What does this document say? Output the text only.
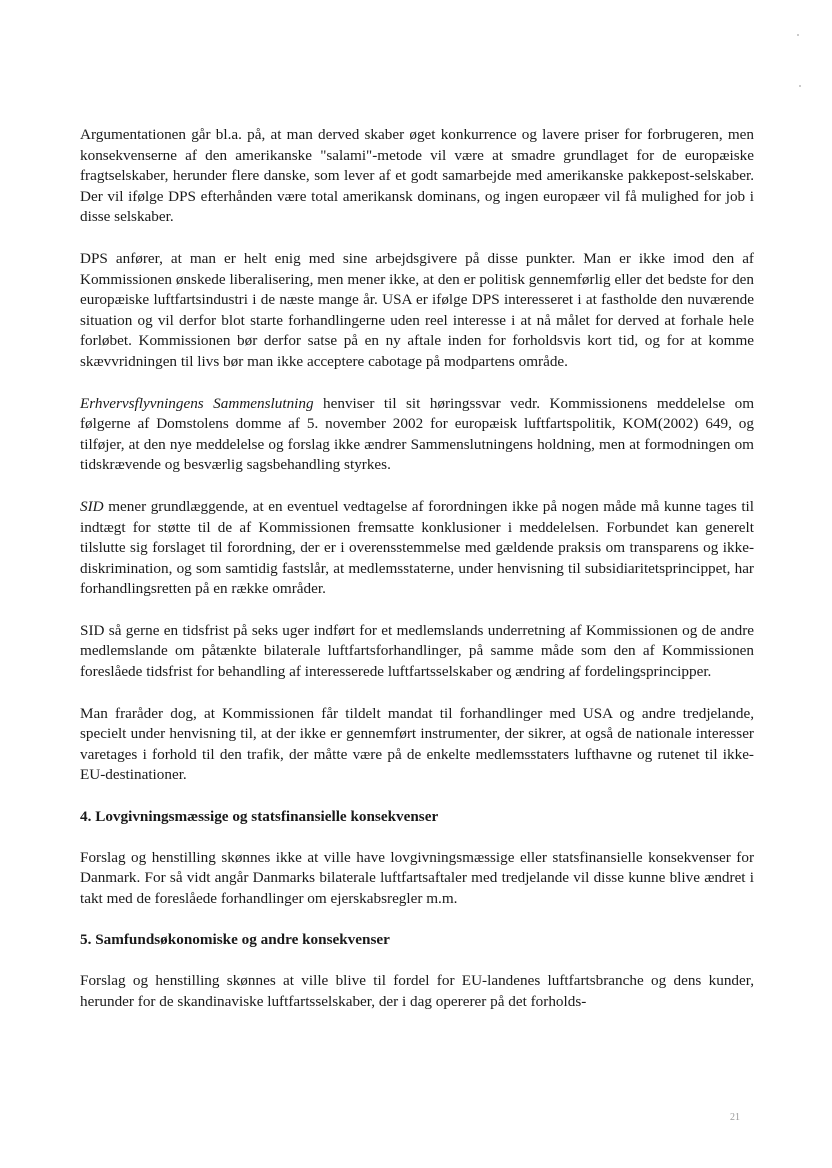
Argumentationen går bl.a. på, at man derved skaber øget konkurrence og lavere priser for forbrugeren, men konsekvenserne af den amerikanske "salami"-metode vil være at smadre grundlaget for de europæiske fragtselskaber, herunder flere danske, som lever af et godt samarbejde med amerikanske pakkepost-selskaber. Der vil ifølge DPS efterhånden være total amerikansk dominans, og ingen europæer vil få mulighed for job i disse selskaber.

DPS anfører, at man er helt enig med sine arbejdsgivere på disse punkter. Man er ikke imod den af Kommissionen ønskede liberalisering, men mener ikke, at den er politisk gennemførlig eller det bedste for den europæiske luftfartsindustri i de næste mange år. USA er ifølge DPS interesseret i at fastholde den nuværende situation og vil derfor blot starte forhandlingerne uden reel interesse i at nå målet for derved at forhale hele forløbet. Kommissionen bør derfor satse på en ny aftale inden for forholdsvis kort tid, og for at komme skævvridningen til livs bør man ikke acceptere cabotage på modpartens område.

Erhvervsflyvningens Sammenslutning henviser til sit høringssvar vedr. Kommissionens meddelelse om følgerne af Domstolens domme af 5. november 2002 for europæisk luftfartspolitik, KOM(2002) 649, og tilføjer, at den nye meddelelse og forslag ikke ændrer Sammenslutningens holdning, men at formodningen om tidskrævende og besværlig sagsbehandling styrkes.

SID mener grundlæggende, at en eventuel vedtagelse af forordningen ikke på nogen måde må kunne tages til indtægt for støtte til de af Kommissionen fremsatte konklusioner i meddelelsen. Forbundet kan generelt tilslutte sig forslaget til forordning, der er i overensstemmelse med gældende praksis om transparens og ikke-diskrimination, og som samtidig fastslår, at medlemsstaterne, under henvisning til subsidiaritetsprincippet, har forhandlingsretten på en række områder.

SID så gerne en tidsfrist på seks uger indført for et medlemslands underretning af Kommissionen og de andre medlemslande om påtænkte bilaterale luftfartsforhandlinger, på samme måde som den af Kommissionen foreslåede tidsfrist for behandling af interesserede luftfartsselskaber og ændring af fordelingsprincipper.

Man fraråder dog, at Kommissionen får tildelt mandat til forhandlinger med USA og andre tredjelande, specielt under henvisning til, at der ikke er gennemført instrumenter, der sikrer, at også de nationale interesser varetages i forhold til den trafik, der måtte være på de enkelte medlemsstaters lufthavne og rutenet til ikke-EU-destinationer.

4. Lovgivningsmæssige og statsfinansielle konsekvenser

Forslag og henstilling skønnes ikke at ville have lovgivningsmæssige eller statsfinansielle konsekvenser for Danmark. For så vidt angår Danmarks bilaterale luftfartsaftaler med tredjelande vil disse kunne blive ændret i takt med de foreslåede forhandlinger om ejerskabsregler m.m.

5. Samfundsøkonomiske og andre konsekvenser

Forslag og henstilling skønnes at ville blive til fordel for EU-landenes luftfartsbranche og dens kunder, herunder for de skandinaviske luftfartsselskaber, der i dag opererer på det forholds-

21
